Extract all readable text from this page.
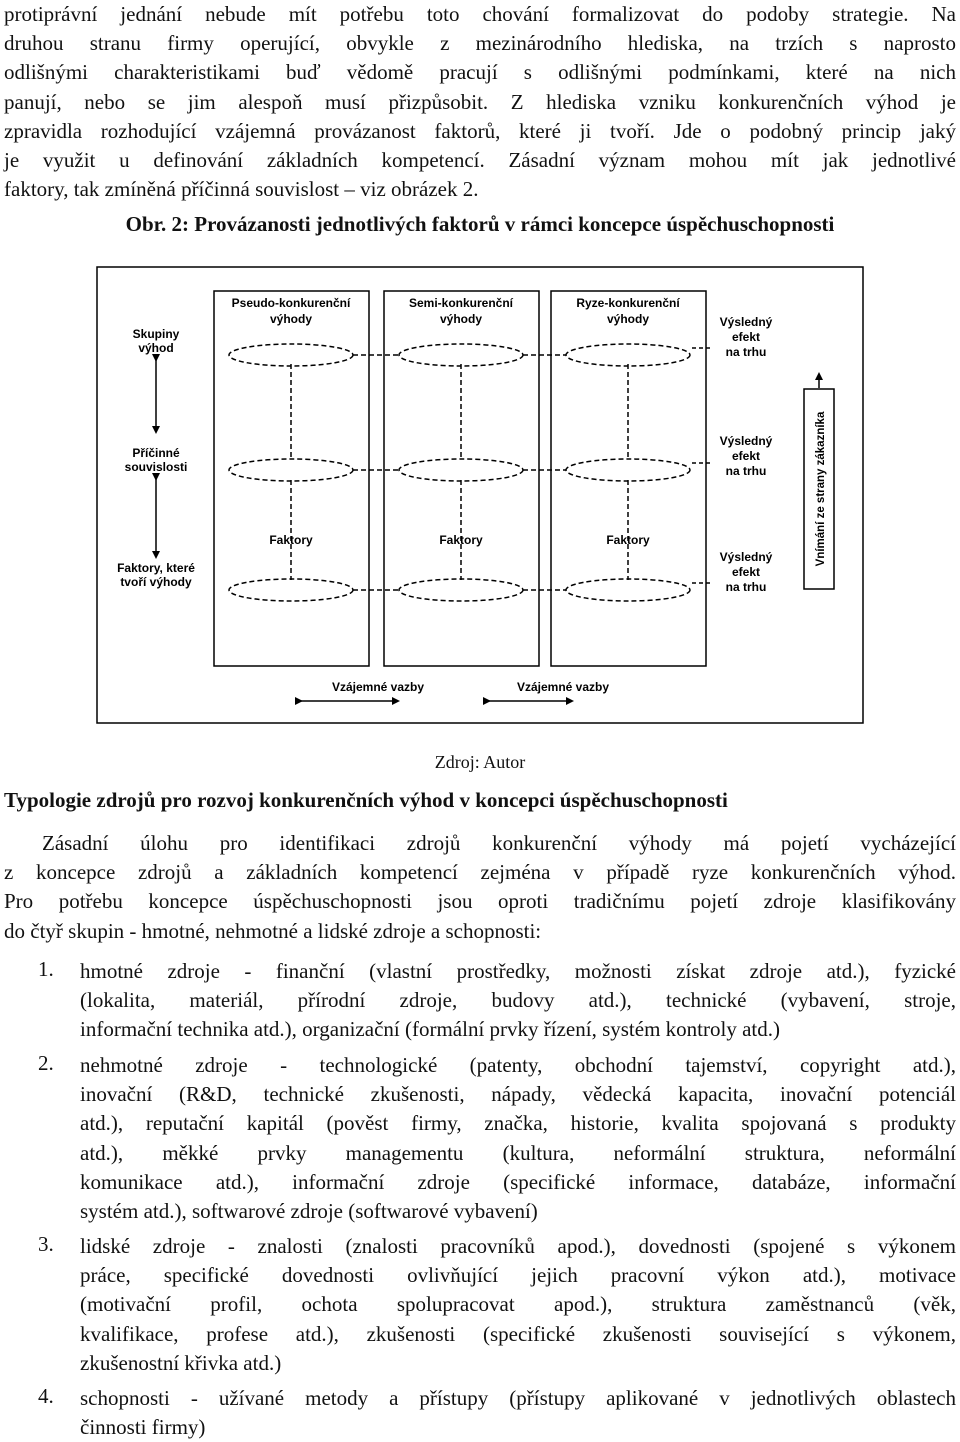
protiprávní jednání nebude mít potřebu toto chování formalizovat do podoby strategie. Na
druhou stranu firmy operující, obvykle z mezinárodního hlediska, na trzích s naprosto
odlišnými charakteristikami buď vědomě pracují s odlišnými podmínkami, které na nich
panují, nebo se jim alespoň musí přizpůsobit. Z hlediska vzniku konkurenčních výhod je
zpravidla rozhodující vzájemná provázanost faktorů, které ji tvoří. Jde o podobný princip jaký
je využit u definování základních kompetencí. Zásadní význam mohou mít jak jednotlivé
faktory, tak zmíněná příčinná souvislost – viz obrázek 2.
Obr. 2: Provázanosti jednotlivých faktorů v rámci koncepce úspěchuschopnosti
Skupiny
výhod
Příčinné
souvislosti
Faktory, které
tvoří výhody
Pseudo-konkurenční
výhody
Faktory
Semi-konkurenční
výhody
Faktory
Ryze-konkurenční
výhody
Faktory
Výsledný
efekt
na trhu
Výsledný
efekt
na trhu
Výsledný
efekt
na trhu
Vnímání ze strany zákazníka
Vzájemné vazby	Vzájemné vazby
Zdroj: Autor
Typologie zdrojů pro rozvoj konkurenčních výhod v koncepci úspěchuschopnosti
Zásadní úlohu pro identifikaci zdrojů konkurenční výhody má pojetí vycházející
z koncepce zdrojů a základních kompetencí zejména v případě ryze konkurenčních výhod.
Pro potřebu koncepce úspěchuschopnosti jsou oproti tradičnímu pojetí zdroje klasifikovány
do čtyř skupin - hmotné, nehmotné a lidské zdroje a schopnosti:
1. hmotné zdroje - finanční (vlastní prostředky, možnosti získat zdroje atd.), fyzické
(lokalita, materiál, přírodní zdroje, budovy atd.), technické (vybavení, stroje,
informační technika atd.), organizační (formální prvky řízení, systém kontroly atd.)
2. nehmotné zdroje - technologické (patenty, obchodní tajemství, copyright atd.),
inovační (R&D, technické zkušenosti, nápady, vědecká kapacita, inovační potenciál
atd.), reputační kapitál (pověst firmy, značka, historie, kvalita spojovaná s produkty
atd.), měkké prvky managementu (kultura, neformální struktura, neformální
komunikace atd.), informační zdroje (specifické informace, databáze, informační
systém atd.), softwarové zdroje (softwarové vybavení)
3. lidské zdroje - znalosti (znalosti pracovníků apod.), dovednosti (spojené s výkonem
práce, specifické dovednosti ovlivňující jejich pracovní výkon atd.), motivace
(motivační profil, ochota spolupracovat apod.), struktura zaměstnanců (věk,
kvalifikace, profese atd.), zkušenosti (specifické zkušenosti související s výkonem,
zkušenostní křivka atd.)
4. schopnosti - užívané metody a přístupy (přístupy aplikované v jednotlivých oblastech
činnosti firmy)
